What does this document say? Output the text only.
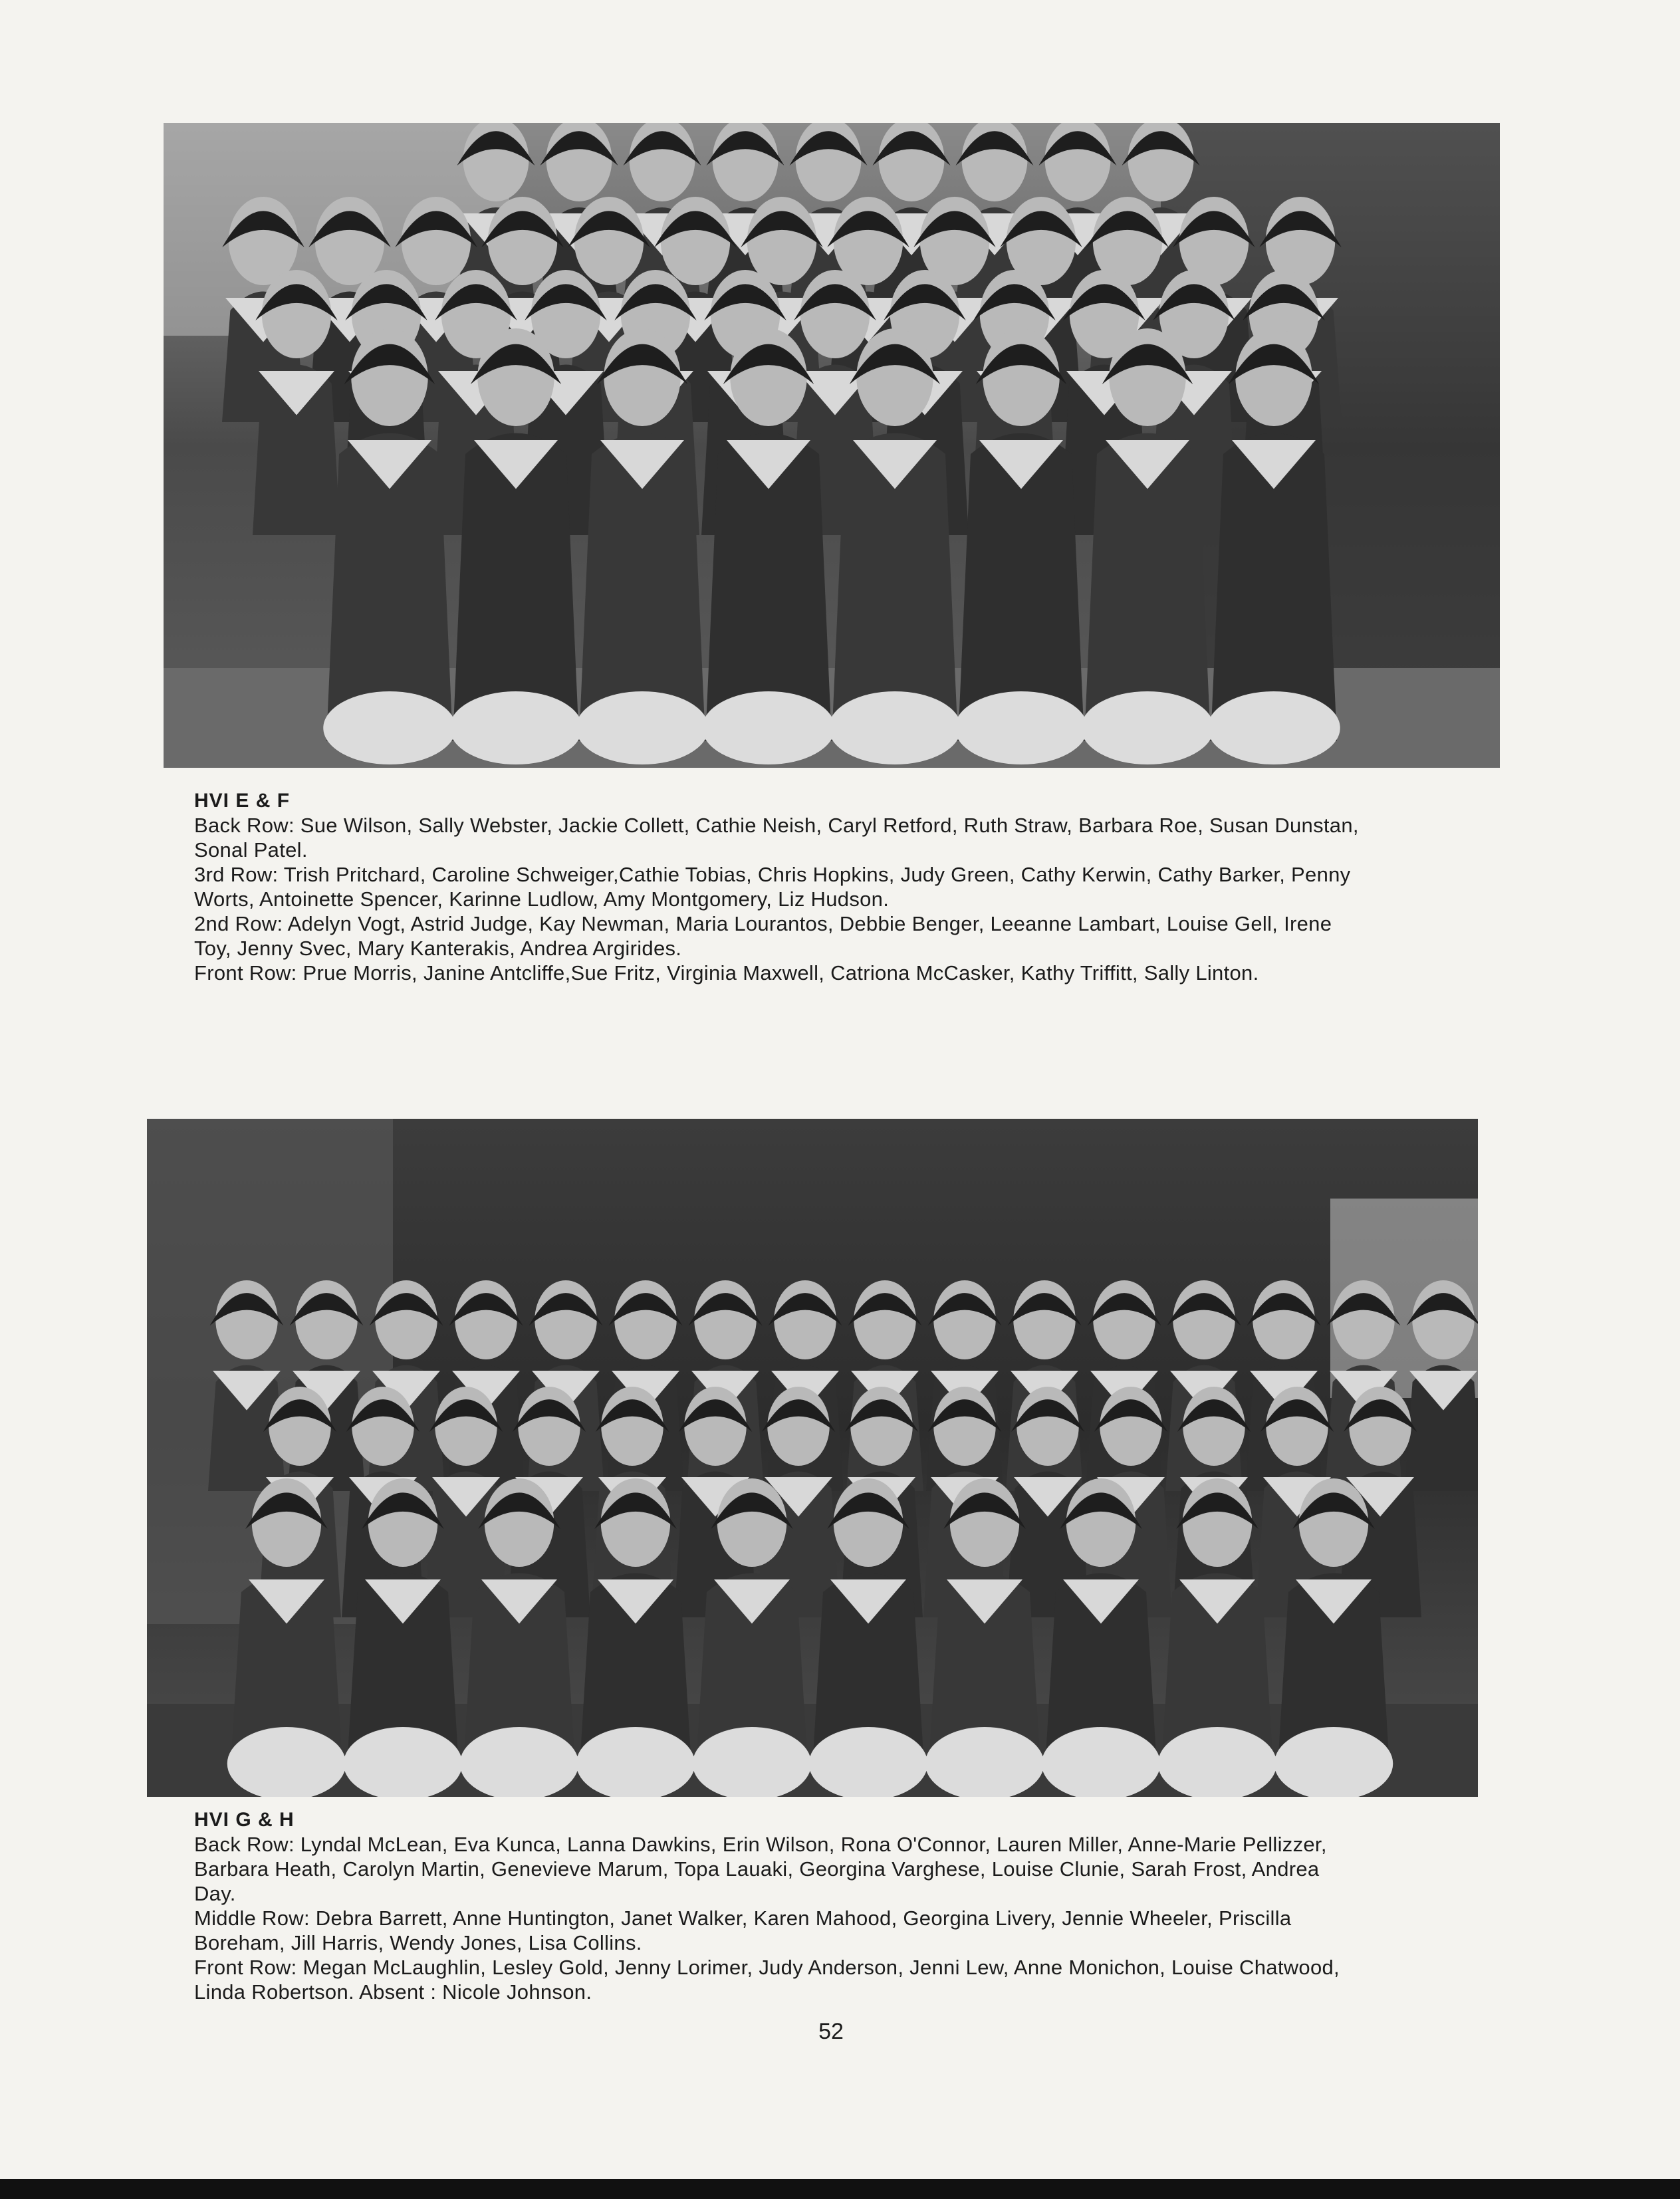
HVI E & F

Back Row: Sue Wilson, Sally Webster, Jackie Collett, Cathie Neish, Caryl Retford, Ruth Straw, Barbara Roe, Susan Dunstan,

Sonal Patel.

3rd Row: Trish Pritchard, Caroline Schweiger,Cathie Tobias, Chris Hopkins, Judy Green, Cathy Kerwin, Cathy Barker, Penny

Worts, Antoinette Spencer, Karinne Ludlow, Amy Montgomery, Liz Hudson.

2nd Row: Adelyn Vogt, Astrid Judge, Kay Newman, Maria Lourantos, Debbie Benger, Leeanne Lambart, Louise Gell, Irene

Toy, Jenny Svec, Mary Kanterakis, Andrea Argirides.

Front Row: Prue Morris, Janine Antcliffe,Sue Fritz, Virginia Maxwell, Catriona McCasker, Kathy Triffitt, Sally Linton.

HVI G & H

Back Row: Lyndal McLean, Eva Kunca, Lanna Dawkins, Erin Wilson, Rona O'Connor, Lauren Miller, Anne-Marie Pellizzer,

Barbara Heath, Carolyn Martin, Genevieve Marum, Topa Lauaki, Georgina Varghese, Louise Clunie, Sarah Frost, Andrea

Day.

Middle Row: Debra Barrett, Anne Huntington, Janet Walker, Karen Mahood, Georgina Livery, Jennie Wheeler, Priscilla

Boreham, Jill Harris, Wendy Jones, Lisa Collins.

Front Row: Megan McLaughlin, Lesley Gold, Jenny Lorimer, Judy Anderson, Jenni Lew, Anne Monichon, Louise Chatwood,

Linda Robertson. Absent : Nicole Johnson.

52
